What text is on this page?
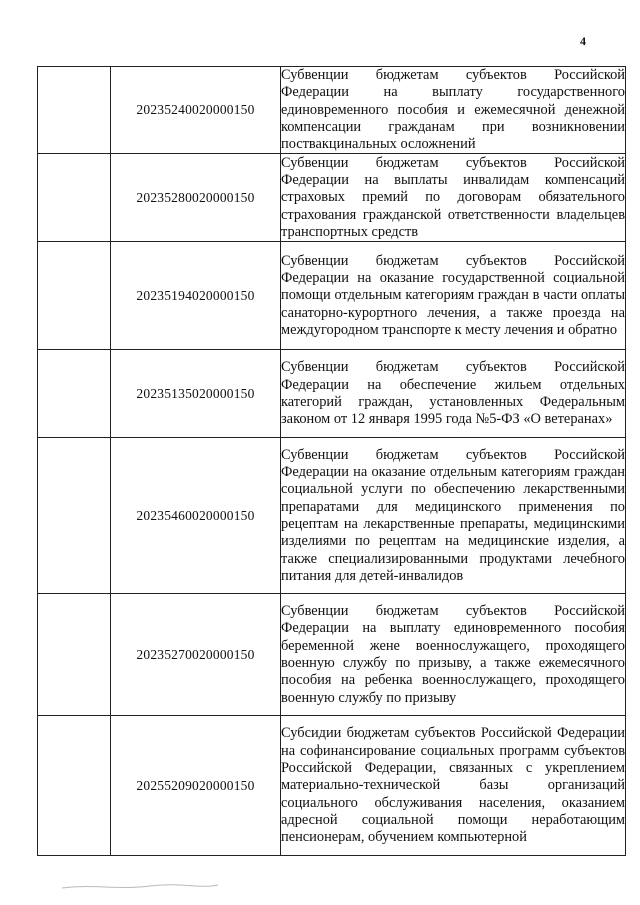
4
	20235240020000150	Субвенции бюджетам субъектов Российской Федерации на выплату государственного единовременного пособия и ежемесячной денежной компенсации гражданам при возникновении поствакцинальных осложнений
	20235280020000150	Субвенции бюджетам субъектов Российской Федерации на выплаты инвалидам компенсаций страховых премий по договорам обязательного страхования гражданской ответственности владельцев транспортных средств
	20235194020000150	Субвенции бюджетам субъектов Российской Федерации на оказание государственной социальной помощи отдельным категориям граждан в части оплаты санаторно-курортного лечения, а также проезда на междугородном транспорте к месту лечения и обратно
	20235135020000150	Субвенции бюджетам субъектов Российской Федерации на обеспечение жильем отдельных категорий граждан, установленных Федеральным законом от 12 января 1995 года №5-ФЗ «О ветеранах»
	20235460020000150	Субвенции бюджетам субъектов Российской Федерации на оказание отдельным категориям граждан социальной услуги по обеспечению лекарственными препаратами для медицинского применения по рецептам на лекарственные препараты, медицинскими изделиями по рецептам на медицинские изделия, а также специализированными продуктами лечебного питания для детей-инвалидов
	20235270020000150	Субвенции бюджетам субъектов Российской Федерации на выплату единовременного пособия беременной жене военнослужащего, проходящего военную службу по призыву, а также ежемесячного пособия на ребенка военнослужащего, проходящего военную службу по призыву
	20255209020000150	Субсидии бюджетам субъектов Российской Федерации на софинансирование социальных программ субъектов Российской Федерации, связанных с укреплением материально-технической базы организаций социального обслуживания населения, оказанием адресной социальной помощи неработающим пенсионерам, обучением компьютерной
